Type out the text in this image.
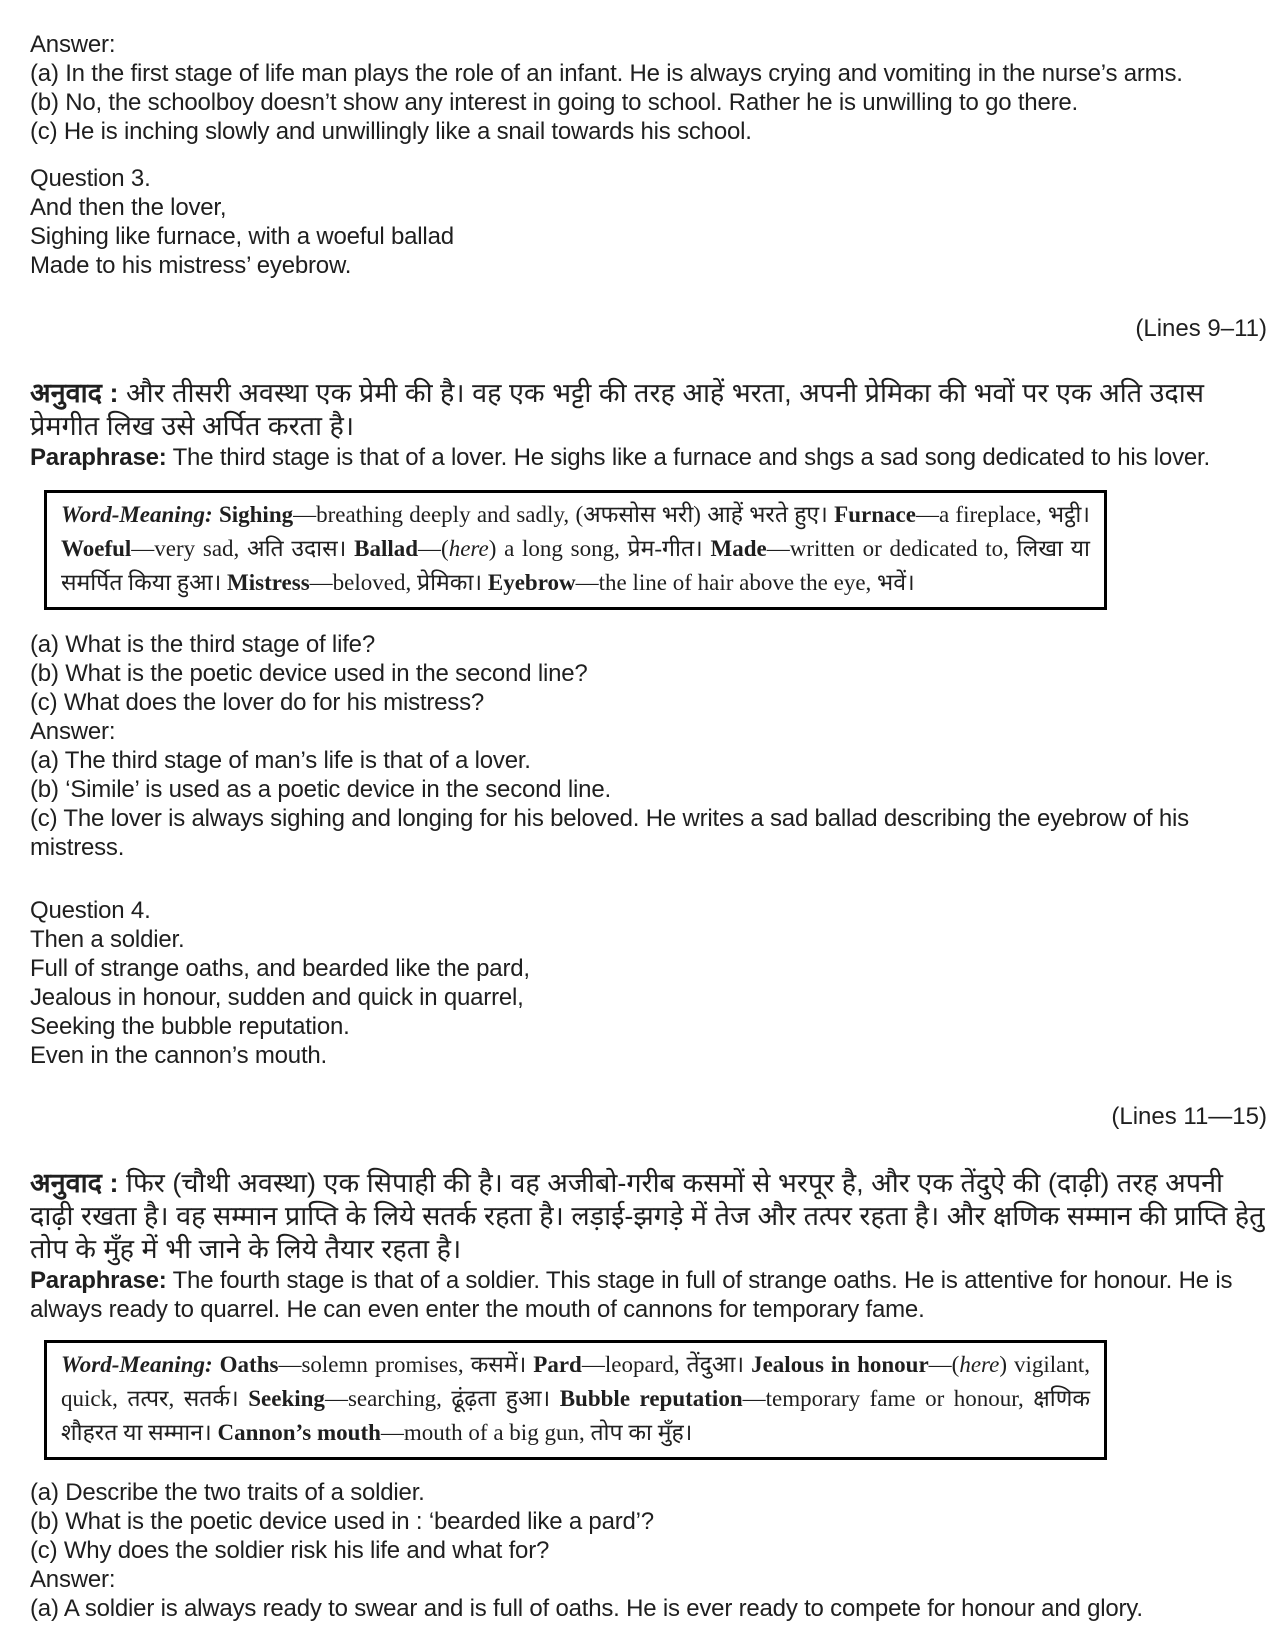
Answer:

(a) In the first stage of life man plays the role of an infant. He is always crying and vomiting in the nurse’s arms.

(b) No, the schoolboy doesn’t show any interest in going to school. Rather he is unwilling to go there.

(c) He is inching slowly and unwillingly like a snail towards his school.

Question 3.

And then the lover,

Sighing like furnace, with a woeful ballad

Made to his mistress’ eyebrow.

(Lines 9–11)

अनुवाद : और तीसरी अवस्था एक प्रेमी की है। वह एक भट्टी की तरह आहें भरता, अपनी प्रेमिका की भवों पर एक अति उदास प्रेमगीत लिख उसे अर्पित करता है।

Paraphrase: The third stage is that of a lover. He sighs like a furnace and shgs a sad song dedicated to his lover.

Word-Meaning: Sighing—breathing deeply and sadly, (अफसोस भरी) आहें भरते हुए। Furnace—a fireplace, भट्ठी। Woeful—very sad, अति उदास। Ballad—(here) a long song, प्रेम-गीत। Made—written or dedicated to, लिखा या समर्पित किया हुआ। Mistress—beloved, प्रेमिका। Eyebrow—the line of hair above the eye, भवें।

(a) What is the third stage of life?

(b) What is the poetic device used in the second line?

(c) What does the lover do for his mistress?

Answer:

(a) The third stage of man’s life is that of a lover.

(b) ‘Simile’ is used as a poetic device in the second line.

(c) The lover is always sighing and longing for his beloved. He writes a sad ballad describing the eyebrow of his mistress.

Question 4.

Then a soldier.

Full of strange oaths, and bearded like the pard,

Jealous in honour, sudden and quick in quarrel,

Seeking the bubble reputation.

Even in the cannon’s mouth.

(Lines 11—15)

अनुवाद : फिर (चौथी अवस्था) एक सिपाही की है। वह अजीबो-गरीब कसमों से भरपूर है, और एक तेंदुऐ की (दाढ़ी) तरह अपनी दाढ़ी रखता है। वह सम्मान प्राप्ति के लिये सतर्क रहता है। लड़ाई-झगड़े में तेज और तत्पर रहता है। और क्षणिक सम्मान की प्राप्ति हेतु तोप के मुँह में भी जाने के लिये तैयार रहता है।

Paraphrase: The fourth stage is that of a soldier. This stage in full of strange oaths. He is attentive for honour. He is always ready to quarrel. He can even enter the mouth of cannons for temporary fame.

Word-Meaning: Oaths—solemn promises, कसमें। Pard—leopard, तेंदुआ। Jealous in honour—(here) vigilant, quick, तत्पर, सतर्क। Seeking—searching, ढूंढ़ता हुआ। Bubble reputation—temporary fame or honour, क्षणिक शौहरत या सम्मान। Cannon’s mouth—mouth of a big gun, तोप का मुँह।

(a) Describe the two traits of a soldier.

(b) What is the poetic device used in : ‘bearded like a pard’?

(c) Why does the soldier risk his life and what for?

Answer:

(a) A soldier is always ready to swear and is full of oaths. He is ever ready to compete for honour and glory.
